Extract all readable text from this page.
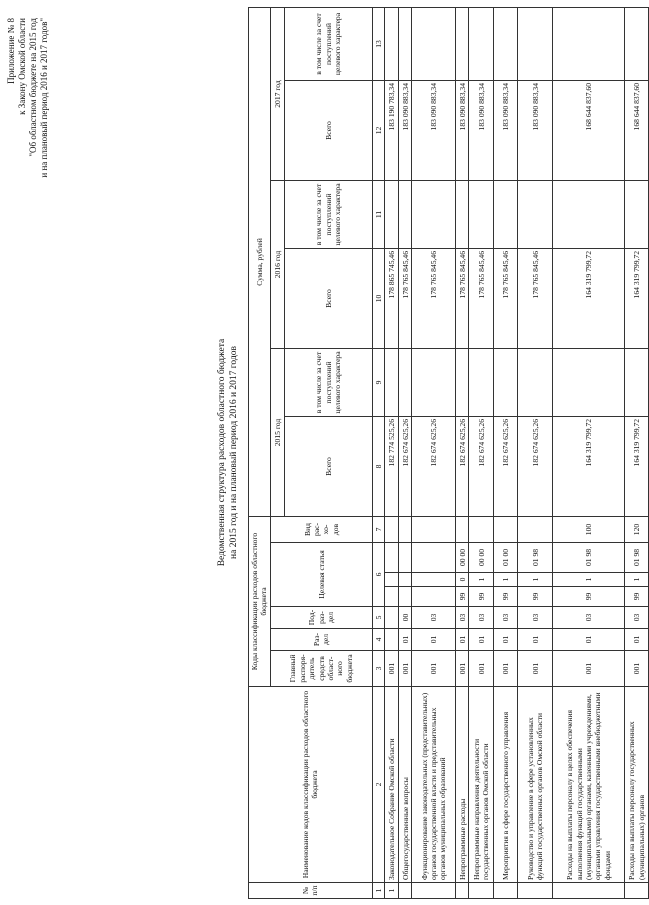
Приложение № 8 к Закону Омской области "Об областном бюджете на 2015 год и на плановый период 2016 и 2017 годов"
Ведомственная структура расходов областного бюджета на 2015 год и на плановый период 2016 и 2017 годов
№ п/п	Наименование кодов классификации расходов областного бюджета	Коды классификации расходов областного бюджета							Сумма, рублей					
		Главный распоря-дитель средств област-ного бюджета	Раз-дел	Под-раз-дел	Целевая статья			Вид рас-хо-дов	2015 год		2016 год		2017 год	
									Всего	в том числе за счет поступлений целевого характера	Всего	в том числе за счет поступлений целевого характера	Всего	в том числе за счет поступлений целевого характера
1	2	3	4	5	6			7	8	9	10	11	12	13
1	Законодательное Собрание Омской области	001							182 774 525,26		178 865 745,46		183 190 783,34	
	Общегосударственные вопросы	001	01	00					182 674 625,26		178 765 845,46		183 090 883,34	
	Функционирование законодательных (представительных) органов государственной власти и представительных органов муниципальных образований	001	01	03					182 674 625,26		178 765 845,46		183 090 883,34	
	Непрограммные расходы	001	01	03	99	0	00 00		182 674 625,26		178 765 845,46		183 090 883,34	
	Непрограммные направления деятельности государственных органов Омской области	001	01	03	99	1	00 00		182 674 625,26		178 765 845,46		183 090 883,34	
	Мероприятия в сфере государственного управления	001	01	03	99	1	01 00		182 674 625,26		178 765 845,46		183 090 883,34	
	Руководство и управление в сфере установленных функций государственных органов Омской области	001	01	03	99	1	01 98		182 674 625,26		178 765 845,46		183 090 883,34	
	Расходы на выплаты персоналу в целях обеспечения выполнения функций государственными (муниципальными) органами, казенными учреждениями, органами управления государственными внебюджетными фондами	001	01	03	99	1	01 98	100	164 319 799,72		164 319 799,72		168 644 837,60	
	Расходы на выплаты персоналу государственных (муниципальных) органов	001	01	03	99	1	01 98	120	164 319 799,72		164 319 799,72		168 644 837,60	
